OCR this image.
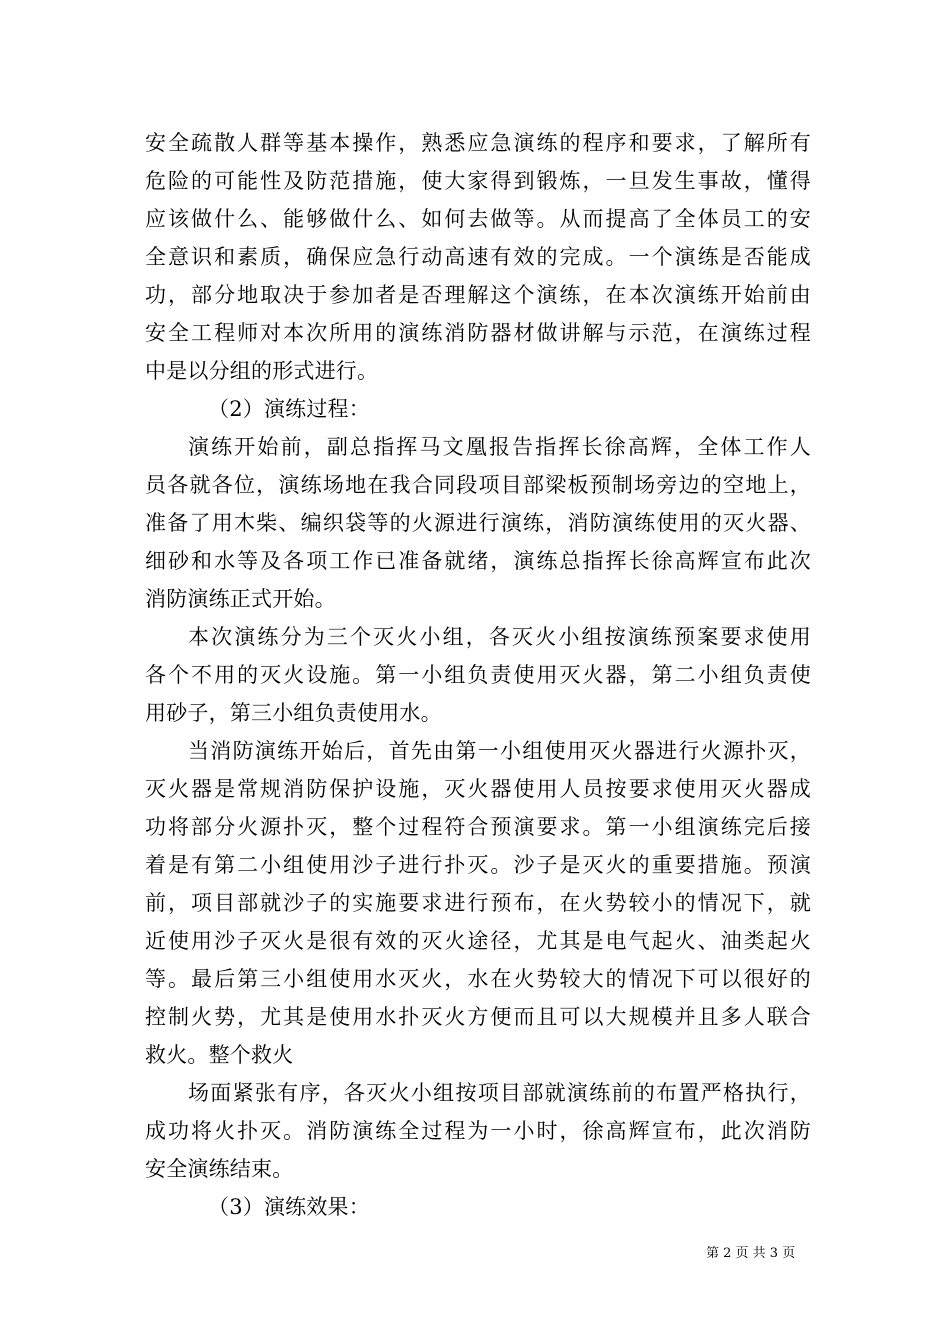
安全疏散人群等基本操作，熟悉应急演练的程序和要求，了解所有
危险的可能性及防范措施，使大家得到锻炼，一旦发生事故，懂得
应该做什么、能够做什么、如何去做等。从而提高了全体员工的安
全意识和素质，确保应急行动高速有效的完成。一个演练是否能成
功，部分地取决于参加者是否理解这个演练，在本次演练开始前由
安全工程师对本次所用的演练消防器材做讲解与示范，在演练过程
中是以分组的形式进行。
（2）演练过程：
演练开始前，副总指挥马文凰报告指挥长徐高辉，全体工作人
员各就各位，演练场地在我合同段项目部梁板预制场旁边的空地上，
准备了用木柴、编织袋等的火源进行演练，消防演练使用的灭火器、
细砂和水等及各项工作已准备就绪，演练总指挥长徐高辉宣布此次
消防演练正式开始。
本次演练分为三个灭火小组，各灭火小组按演练预案要求使用
各个不用的灭火设施。第一小组负责使用灭火器，第二小组负责使
用砂子，第三小组负责使用水。
当消防演练开始后，首先由第一小组使用灭火器进行火源扑灭，
灭火器是常规消防保护设施，灭火器使用人员按要求使用灭火器成
功将部分火源扑灭，整个过程符合预演要求。第一小组演练完后接
着是有第二小组使用沙子进行扑灭。沙子是灭火的重要措施。预演
前，项目部就沙子的实施要求进行预布，在火势较小的情况下，就
近使用沙子灭火是很有效的灭火途径，尤其是电气起火、油类起火
等。最后第三小组使用水灭火，水在火势较大的情况下可以很好的
控制火势，尤其是使用水扑灭火方便而且可以大规模并且多人联合
救火。整个救火
场面紧张有序，各灭火小组按项目部就演练前的布置严格执行，
成功将火扑灭。消防演练全过程为一小时，徐高辉宣布，此次消防
安全演练结束。
（3）演练效果：
第 2 页 共 3 页
